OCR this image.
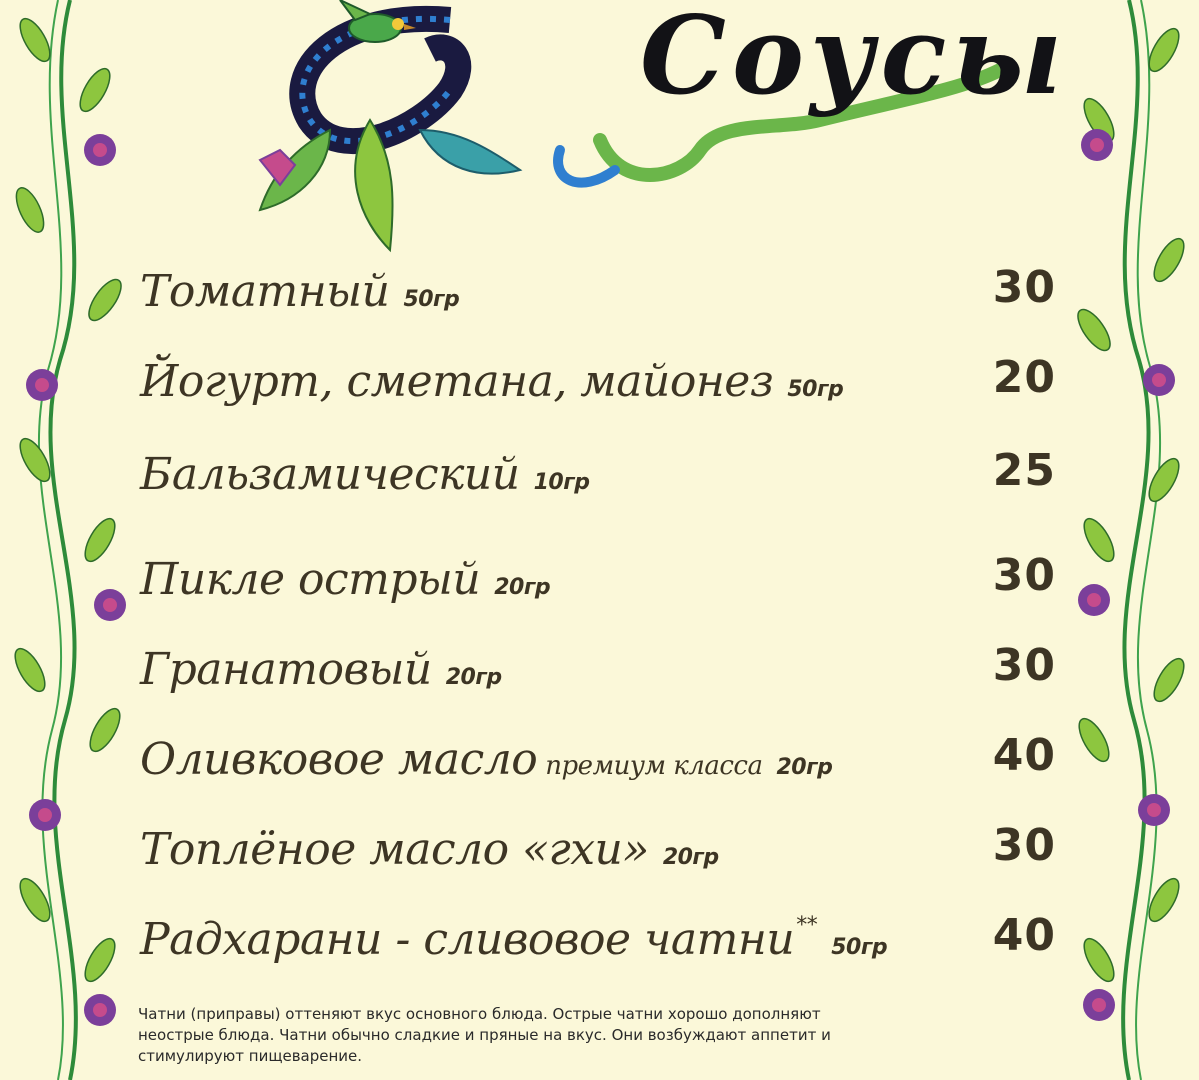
Соусы
Томатный 50гр	30
Йогурт, сметана, майонез 50гр	20
Бальзамический 10гр	25
Пикле острый 20гр	30
Гранатовый 20гр	30
Оливковое масло премиум класса 20гр	40
Топлёное масло «гхи» 20гр	30
Радхарани - сливовое чатни**50гр 40

Чатни (приправы) оттеняют вкус основного блюда. Острые чатни хорошо дополняют

неострые блюда. Чатни обычно сладкие и пряные на вкус. Они возбуждают аппетит и

стимулируют пищеварение.
